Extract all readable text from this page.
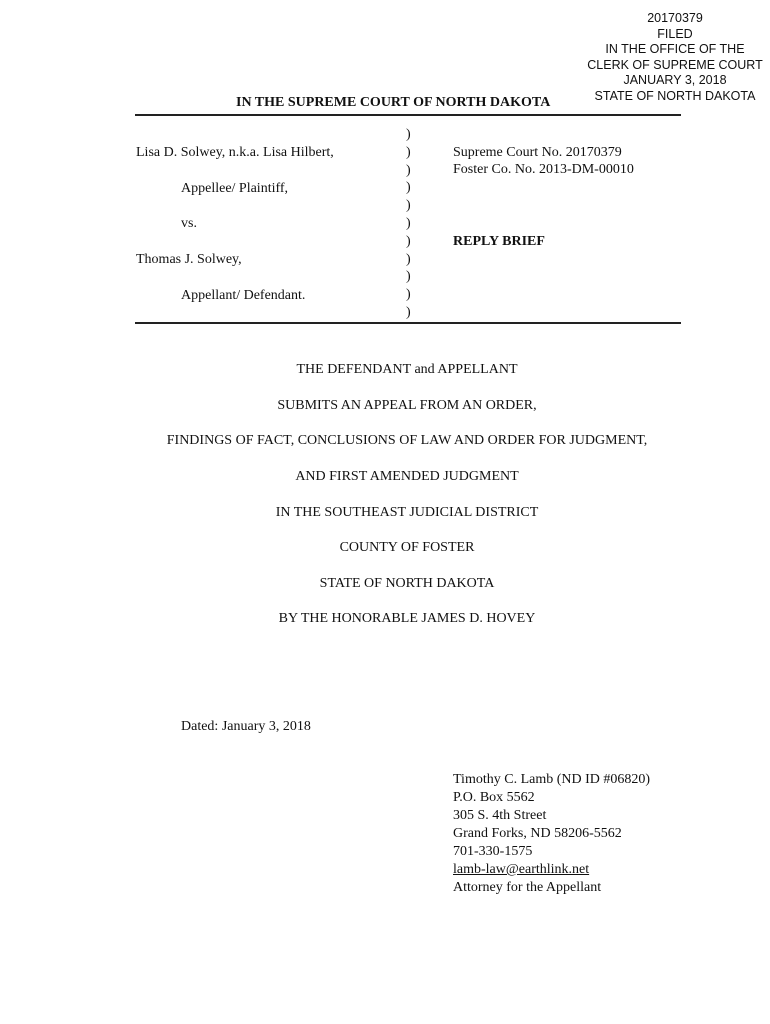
20170379
FILED
IN THE OFFICE OF THE
CLERK OF SUPREME COURT
JANUARY 3, 2018
STATE OF NORTH DAKOTA
IN THE SUPREME COURT OF NORTH DAKOTA
Lisa D. Solwey, n.k.a. Lisa Hilbert,
Appellee/ Plaintiff,
vs.
Thomas J. Solwey,
Appellant/ Defendant.
)
)
)
)
)
)
)
)
)
)
)
Supreme Court No. 20170379
Foster Co. No. 2013-DM-00010
REPLY BRIEF
THE DEFENDANT and APPELLANT
SUBMITS AN APPEAL FROM AN ORDER,
FINDINGS OF FACT, CONCLUSIONS OF LAW AND ORDER FOR JUDGMENT,
AND FIRST AMENDED JUDGMENT
IN THE SOUTHEAST JUDICIAL DISTRICT
COUNTY OF FOSTER
STATE OF NORTH DAKOTA
BY THE HONORABLE JAMES D. HOVEY
Dated: January 3, 2018
Timothy C. Lamb (ND ID #06820)
P.O. Box 5562
305 S. 4th Street
Grand Forks, ND 58206-5562
701-330-1575
lamb-law@earthlink.net
Attorney for the Appellant
